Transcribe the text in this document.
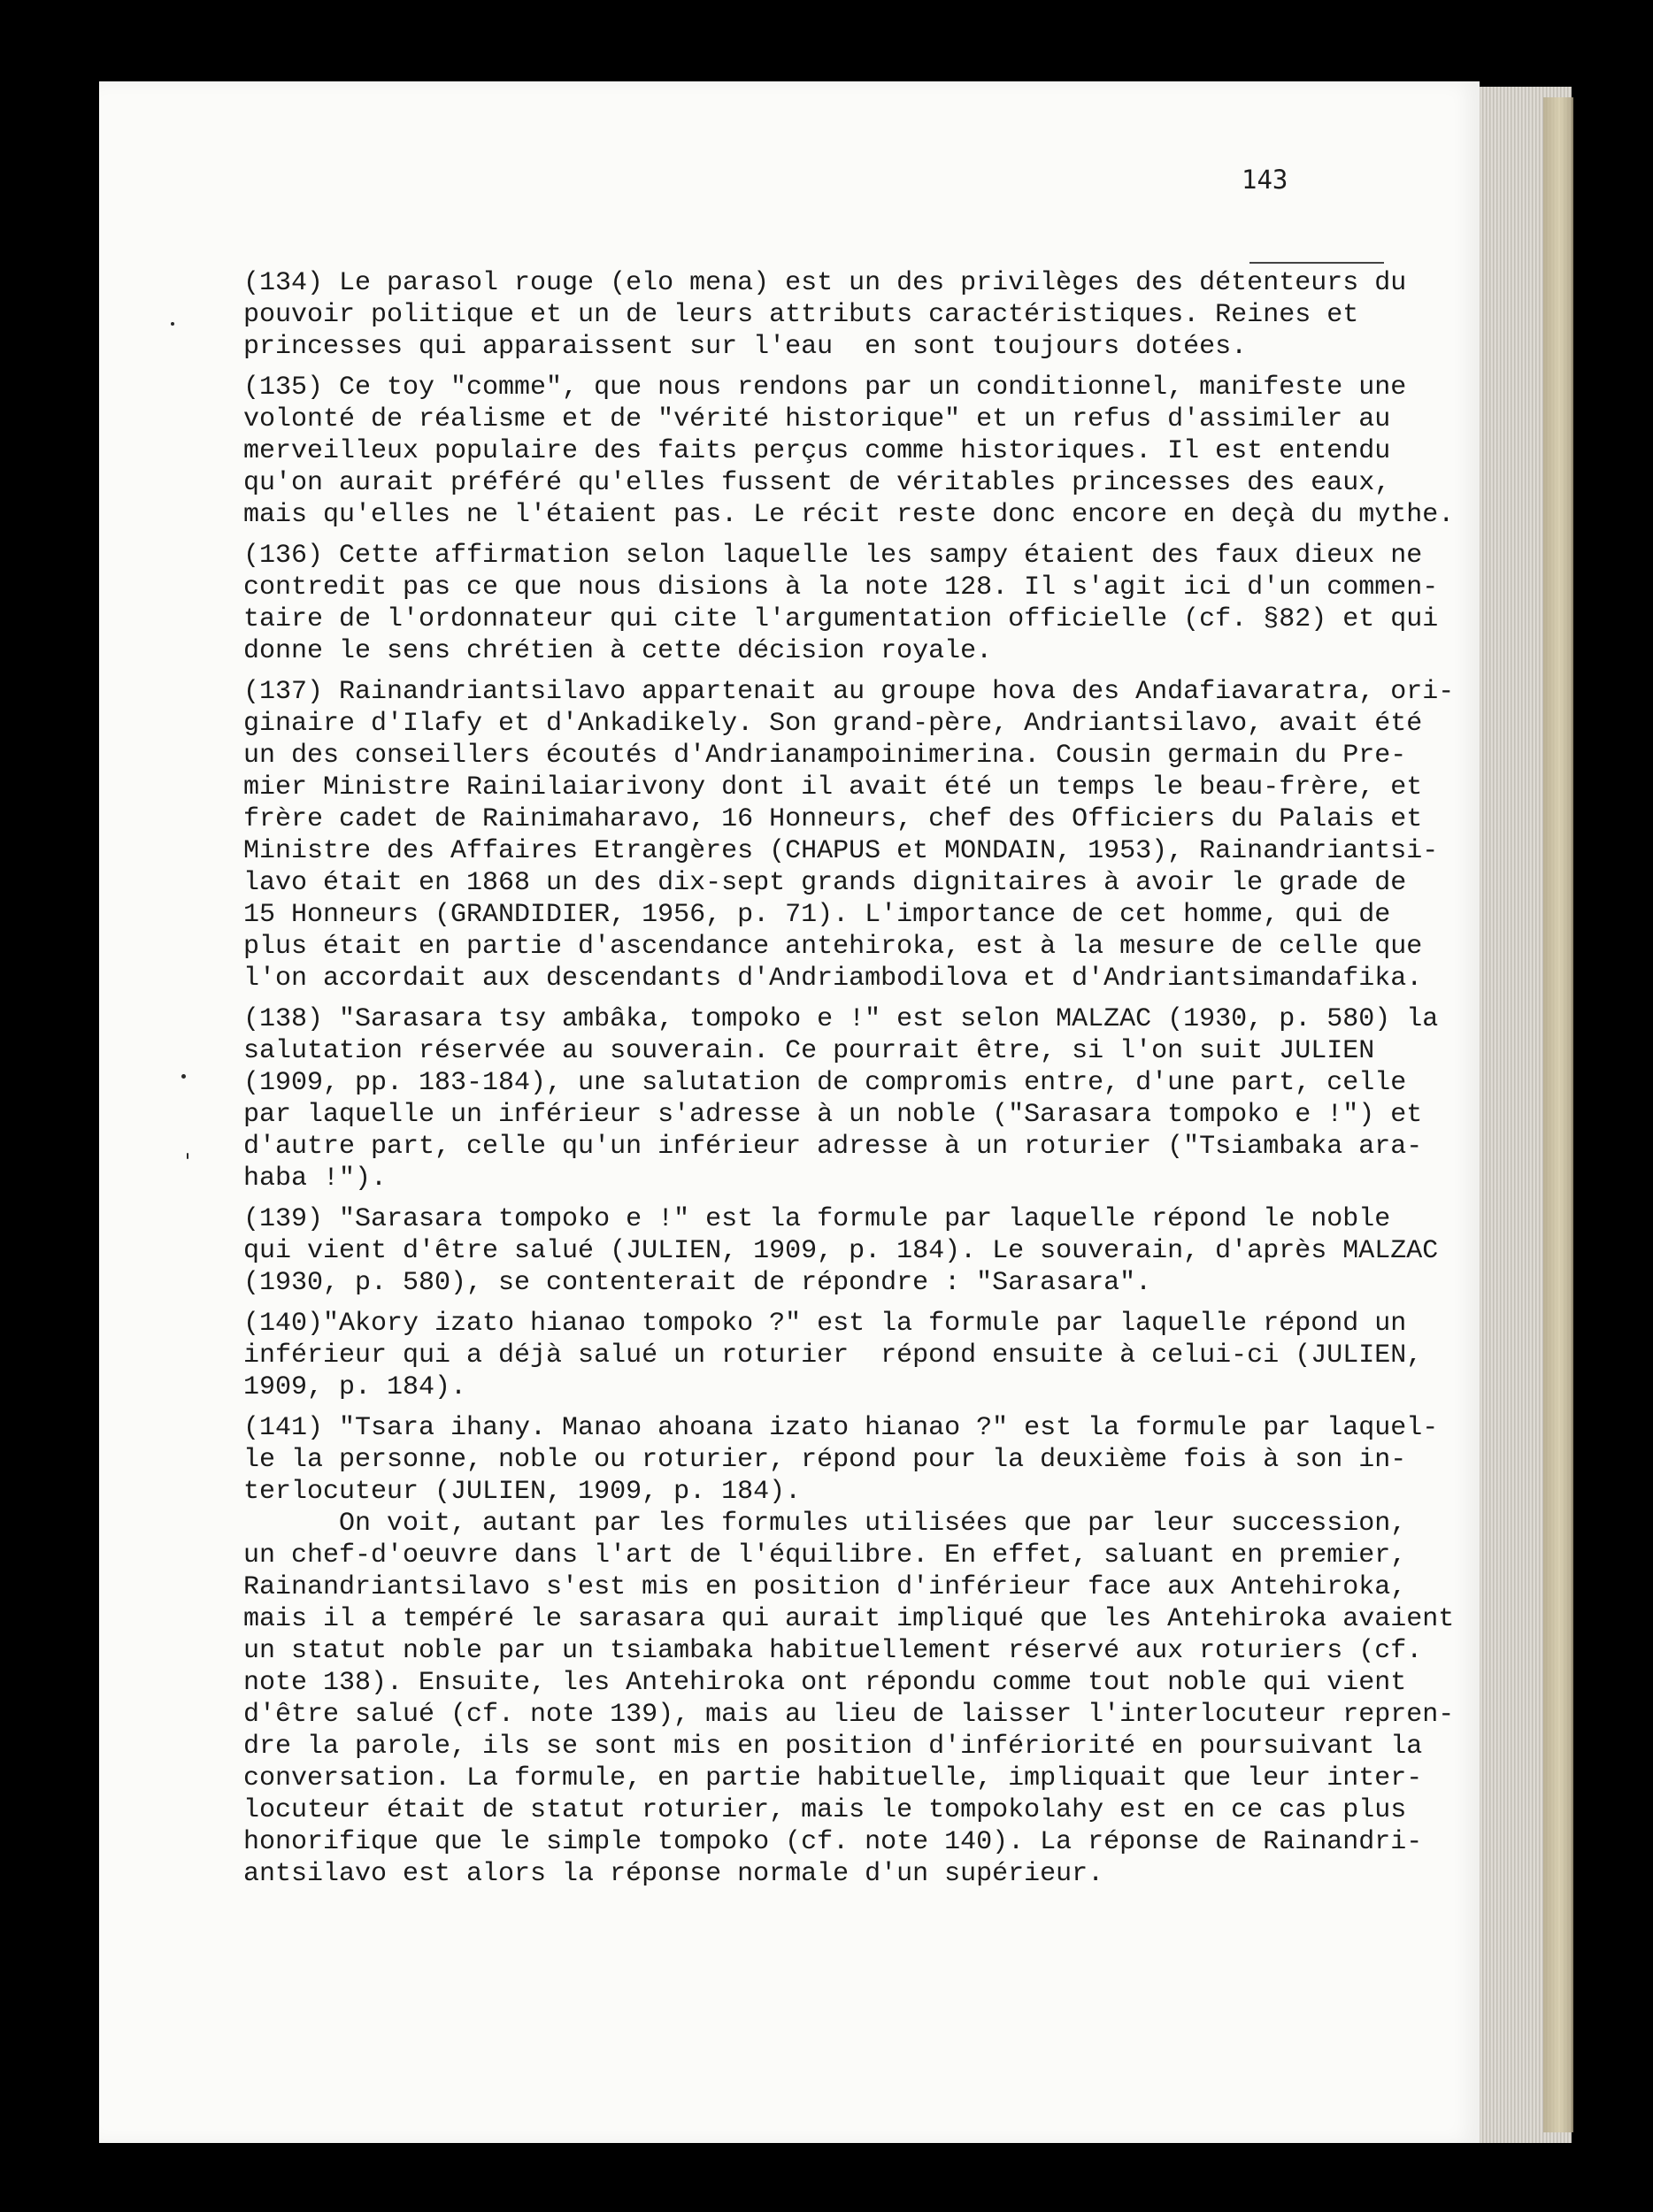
143
(134) Le parasol rouge (elo mena) est un des privilèges des détenteurs du
pouvoir politique et un de leurs attributs caractéristiques. Reines et
princesses qui apparaissent sur l'eau  en sont toujours dotées.
(135) Ce toy "comme", que nous rendons par un conditionnel, manifeste une
volonté de réalisme et de "vérité historique" et un refus d'assimiler au
merveilleux populaire des faits perçus comme historiques. Il est entendu
qu'on aurait préféré qu'elles fussent de véritables princesses des eaux,
mais qu'elles ne l'étaient pas. Le récit reste donc encore en deçà du mythe.
(136) Cette affirmation selon laquelle les sampy étaient des faux dieux ne
contredit pas ce que nous disions à la note 128. Il s'agit ici d'un commen-
taire de l'ordonnateur qui cite l'argumentation officielle (cf. §82) et qui
donne le sens chrétien à cette décision royale.
(137) Rainandriantsilavo appartenait au groupe hova des Andafiavaratra, ori-
ginaire d'Ilafy et d'Ankadikely. Son grand-père, Andriantsilavo, avait été
un des conseillers écoutés d'Andrianampoinimerina. Cousin germain du Pre-
mier Ministre Rainilaiarivony dont il avait été un temps le beau-frère, et
frère cadet de Rainimaharavo, 16 Honneurs, chef des Officiers du Palais et
Ministre des Affaires Etrangères (CHAPUS et MONDAIN, 1953), Rainandriantsi-
lavo était en 1868 un des dix-sept grands dignitaires à avoir le grade de
15 Honneurs (GRANDIDIER, 1956, p. 71). L'importance de cet homme, qui de
plus était en partie d'ascendance antehiroka, est à la mesure de celle que
l'on accordait aux descendants d'Andriambodilova et d'Andriantsimandafika.
(138) "Sarasara tsy ambâka, tompoko e !" est selon MALZAC (1930, p. 580) la
salutation réservée au souverain. Ce pourrait être, si l'on suit JULIEN
(1909, pp. 183-184), une salutation de compromis entre, d'une part, celle
par laquelle un inférieur s'adresse à un noble ("Sarasara tompoko e !") et
d'autre part, celle qu'un inférieur adresse à un roturier ("Tsiambaka ara-
haba !").
(139) "Sarasara tompoko e !" est la formule par laquelle répond le noble
qui vient d'être salué (JULIEN, 1909, p. 184). Le souverain, d'après MALZAC
(1930, p. 580), se contenterait de répondre : "Sarasara".
(140)"Akory izato hianao tompoko ?" est la formule par laquelle répond un
inférieur qui a déjà salué un roturier  répond ensuite à celui-ci (JULIEN,
1909, p. 184).
(141) "Tsara ihany. Manao ahoana izato hianao ?" est la formule par laquel-
le la personne, noble ou roturier, répond pour la deuxième fois à son in-
terlocuteur (JULIEN, 1909, p. 184).
On voit, autant par les formules utilisées que par leur succession,
un chef-d'oeuvre dans l'art de l'équilibre. En effet, saluant en premier,
Rainandriantsilavo s'est mis en position d'inférieur face aux Antehiroka,
mais il a tempéré le sarasara qui aurait impliqué que les Antehiroka avaient
un statut noble par un tsiambaka habituellement réservé aux roturiers (cf.
note 138). Ensuite, les Antehiroka ont répondu comme tout noble qui vient
d'être salué (cf. note 139), mais au lieu de laisser l'interlocuteur repren-
dre la parole, ils se sont mis en position d'infériorité en poursuivant la
conversation. La formule, en partie habituelle, impliquait que leur inter-
locuteur était de statut roturier, mais le tompokolahy est en ce cas plus
honorifique que le simple tompoko (cf. note 140). La réponse de Rainandri-
antsilavo est alors la réponse normale d'un supérieur.
